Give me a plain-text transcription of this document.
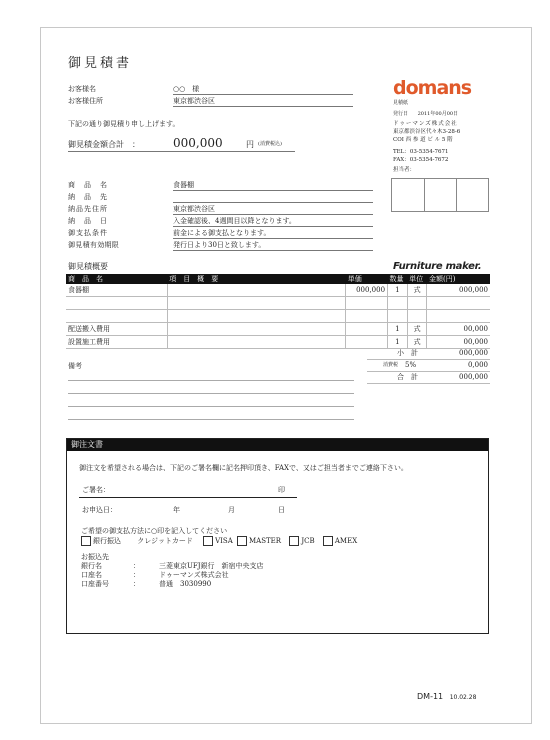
御見積書
お客様名	○○　様
お客様住所	東京都渋谷区
下記の通り御見積り申し上げます。
御見積金額合計　：	000,000	円 (消費税込)
domans
見積紙
発行日 2011年00月00日
ドゥーマンズ株式会社
東京都渋谷区代々木3-28-6
COI 西 参 道 ビ ル 5 階
TEL：03-5354-7671
FAX：03-5354-7672
担当者：
商　品　名	食器棚
納　品　先
納品先住所	東京都渋谷区
納　品　日	入金確認後、4週間目以降となります。
御支払条件	前金による御支払となります。
御見積有効期限	発行日より30日と致します。
御見積概要	Furniture maker.
商　品　名	項　目　概　要	単価	数量	単位	金額(円)
食器棚		000,000	1	式	000,000

配送搬入費用			1	式	00,000
設置施工費用			1	式	00,000
小　計	000,000
消費税 5%	0,000
合　計	000,000
備考
御注文書
御注文を希望される場合は、下記のご署名欄に記名押印頂き、FAXで、又はご担当者までご連絡下さい。
ご署名：	印
お申込日：	年	月	日
ご希望の御支払方法に○印を記入してください
銀行振込 クレジットカード	VISA MASTER	JCB	AMEX
お振込先
銀行名	：	三菱東京UFJ銀行　新宿中央支店
口座名	：	ドゥーマンズ株式会社
口座番号	：	普通　3030990
DM-11 10.02.28
